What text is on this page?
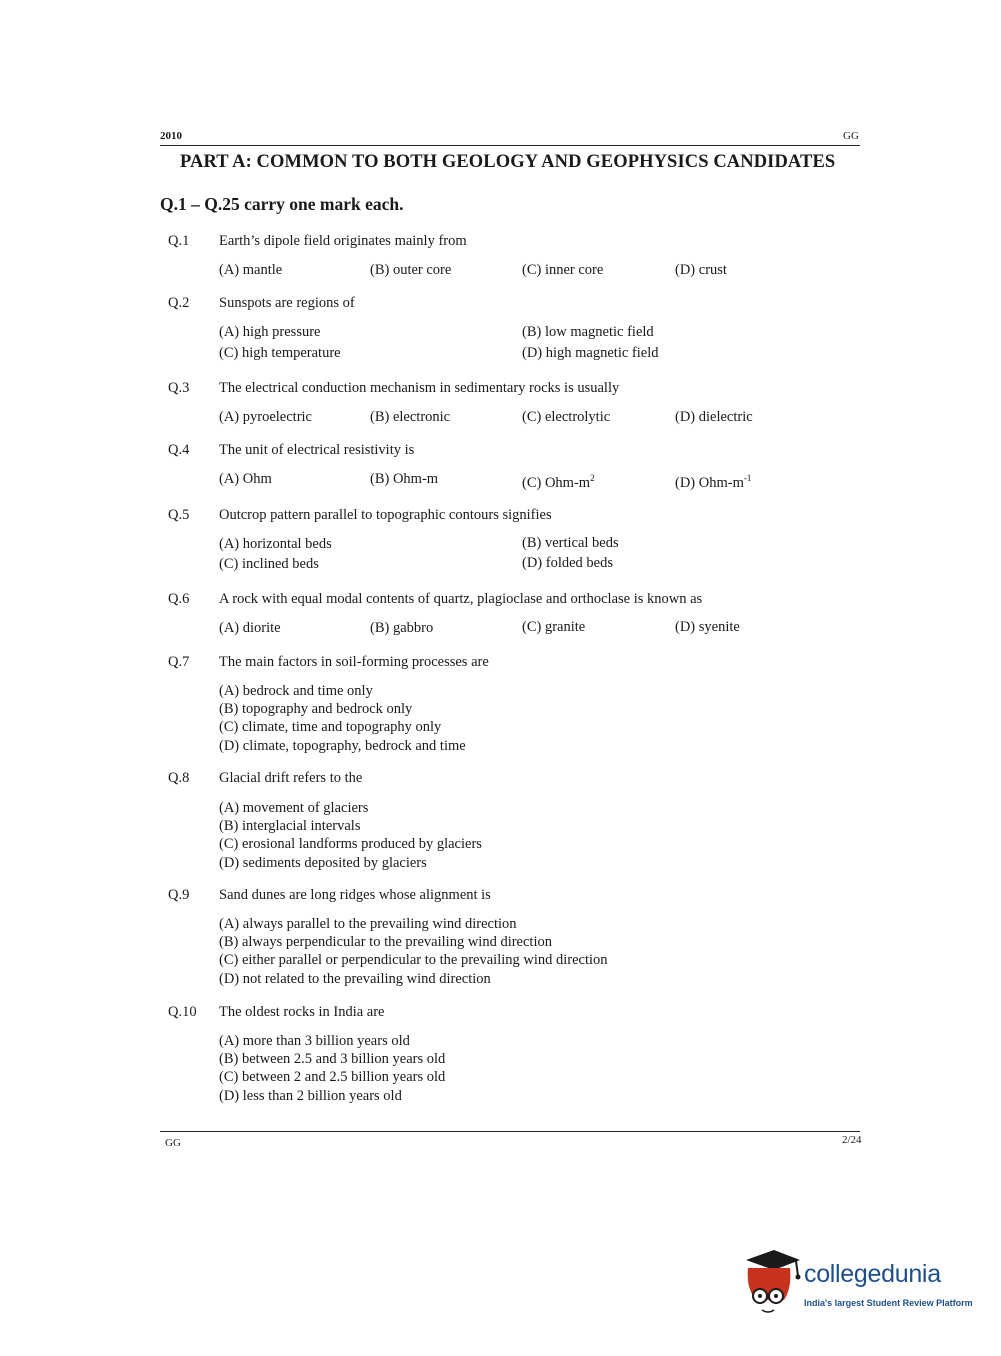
2010	GG
PART A: COMMON TO BOTH GEOLOGY AND GEOPHYSICS CANDIDATES
Q.1 – Q.25 carry one mark each.
Q.1 Earth’s dipole field originates mainly from
(A) mantle	(B) outer core	(C) inner core	(D) crust
Q.2 Sunspots are regions of
(A) high pressure	(B) low magnetic field
(C) high temperature	(D) high magnetic field
Q.3 The electrical conduction mechanism in sedimentary rocks is usually
(A) pyroelectric	(B) electronic	(C) electrolytic	(D) dielectric
Q.4 The unit of electrical resistivity is
(A) Ohm	(B) Ohm-m	(C) Ohm-$m^2$	(D) Ohm-$m^{-1}$
Q.5 Outcrop pattern parallel to topographic contours signifies
(A) horizontal beds	(B) vertical beds
(C) inclined beds	(D) folded beds
Q.6 A rock with equal modal contents of quartz, plagioclase and orthoclase is known as
(A) diorite	(B) gabbro	(C) granite	(D) syenite
Q.7 The main factors in soil-forming processes are
(A) bedrock and time only
(B) topography and bedrock only
(C) climate, time and topography only
(D) climate, topography, bedrock and time
Q.8 Glacial drift refers to the
(A) movement of glaciers
(B) interglacial intervals
(C) erosional landforms produced by glaciers
(D) sediments deposited by glaciers
Q.9 Sand dunes are long ridges whose alignment is
(A) always parallel to the prevailing wind direction
(B) always perpendicular to the prevailing wind direction
(C) either parallel or perpendicular to the prevailing wind direction
(D) not related to the prevailing wind direction
Q.10 The oldest rocks in India are
(A) more than 3 billion years old
(B) between 2.5 and 3 billion years old
(C) between 2 and 2.5 billion years old
(D) less than 2 billion years old
GG	2/24
collegedunia
India's largest Student Review Platform
